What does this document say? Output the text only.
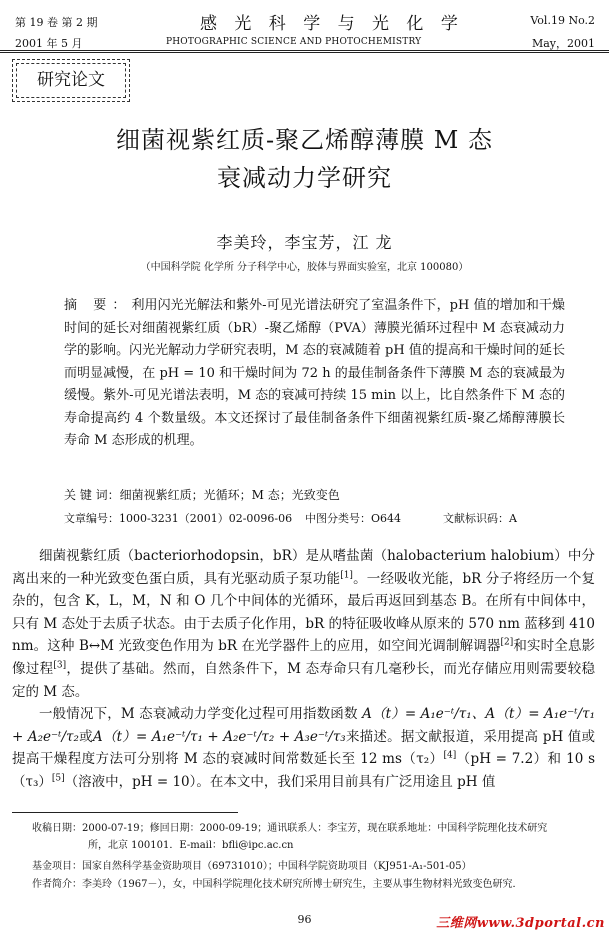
第 19 卷 第 2 期
2001 年 5 月
感 光 科 学 与 光 化 学
PHOTOGRAPHIC SCIENCE AND PHOTOCHEMISTRY
Vol.19 No.2
May，2001
研究论文
细菌视紫红质-聚乙烯醇薄膜 M 态
衰减动力学研究
李美玲，李宝芳，江 龙
（中国科学院 化学所 分子科学中心，胶体与界面实验室，北京 100080）
摘 要：利用闪光光解法和紫外-可见光谱法研究了室温条件下，pH 值的增加和干燥时间的延长对细菌视紫红质（bR）-聚乙烯醇（PVA）薄膜光循环过程中 M 态衰减动力学的影响。闪光光解动力学研究表明，M 态的衰减随着 pH 值的提高和干燥时间的延长而明显减慢，在 pH = 10 和干燥时间为 72 h 的最佳制备条件下薄膜 M 态的衰减最为缓慢。紫外-可见光谱法表明，M 态的衰减可持续 15 min 以上，比自然条件下 M 态的寿命提高约 4 个数量级。本文还探讨了最佳制备条件下细菌视紫红质-聚乙烯醇薄膜长寿命 M 态形成的机理。
关 键 词：细菌视紫红质；光循环；M 态；光致变色
文章编号：1000-3231（2001）02-0096-06 中图分类号：O644	文献标识码：A

细菌视紫红质（bacteriorhodopsin，bR）是从嗜盐菌（halobacterium halobium）中分离出来的一种光致变色蛋白质，具有光驱动质子泵功能[1]。一经吸收光能，bR 分子将经历一个复杂的，包含 K，L，M，N 和 O 几个中间体的光循环，最后再返回到基态 B。在所有中间体中，只有 M 态处于去质子状态。由于去质子化作用，bR 的特征吸收峰从原来的 570 nm 蓝移到 410 nm。这种 B↔M 光致变色作用为 bR 在光学器件上的应用，如空间光调制解调器[2]和实时全息影像过程[3]，提供了基础。然而，自然条件下，M 态寿命只有几毫秒长，而光存储应用则需要较稳定的 M 态。

一般情况下，M 态衰减动力学变化过程可用指数函数 A（t）= A₁e⁻ᵗ/τ₁、A（t）= A₁e⁻ᵗ/τ₁ + A₂e⁻ᵗ/τ₂或A（t）= A₁e⁻ᵗ/τ₁ + A₂e⁻ᵗ/τ₂ + A₃e⁻ᵗ/τ₃来描述。据文献报道，采用提高 pH 值或提高干燥程度方法可分别将 M 态的衰减时间常数延长至 12 ms（τ₂）[4]（pH = 7.2）和 10 s（τ₃）[5]（溶液中，pH = 10）。在本文中，我们采用目前具有广泛用途且 pH 值

收稿日期：2000-07-19；修回日期：2000-09-19；通讯联系人：李宝芳，现在联系地址：中国科学院理化技术研究
所，北京 100101．E-mail：bfli@ipc.ac.cn
基金项目：国家自然科学基金资助项目（69731010）；中国科学院资助项目（KJ951-A₁-501-05）
作者简介：李美玲（1967－），女，中国科学院理化技术研究所博士研究生，主要从事生物材料光致变色研究．
96	三维网www.3dportal.cn
